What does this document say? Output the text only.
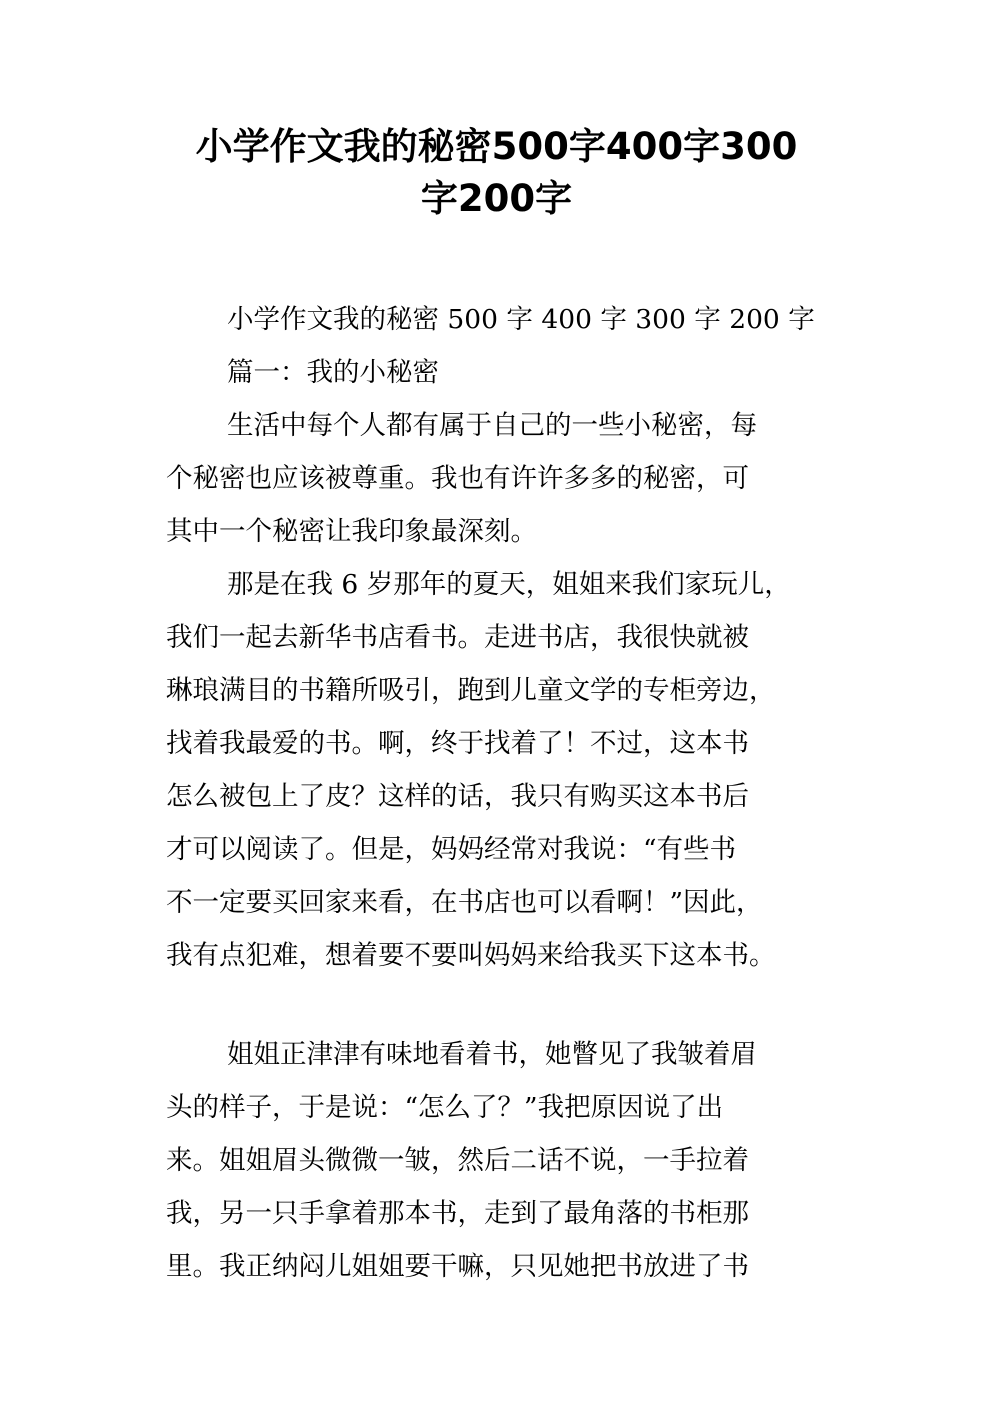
小学作文我的秘密500字400字300
字200字
小学作文我的秘密 500 字 400 字 300 字 200 字
篇一：我的小秘密
生活中每个人都有属于自己的一些小秘密，每
个秘密也应该被尊重。我也有许许多多的秘密，可
其中一个秘密让我印象最深刻。
那是在我 6 岁那年的夏天，姐姐来我们家玩儿，
我们一起去新华书店看书。走进书店，我很快就被
琳琅满目的书籍所吸引，跑到儿童文学的专柜旁边，
找着我最爱的书。啊，终于找着了！不过，这本书
怎么被包上了皮？这样的话，我只有购买这本书后
才可以阅读了。但是，妈妈经常对我说：“有些书
不一定要买回家来看，在书店也可以看啊！”因此，
我有点犯难，想着要不要叫妈妈来给我买下这本书。
姐姐正津津有味地看着书，她瞥见了我皱着眉
头的样子，于是说：“怎么了？”我把原因说了出
来。姐姐眉头微微一皱，然后二话不说，一手拉着
我，另一只手拿着那本书，走到了最角落的书柜那
里。我正纳闷儿姐姐要干嘛，只见她把书放进了书
